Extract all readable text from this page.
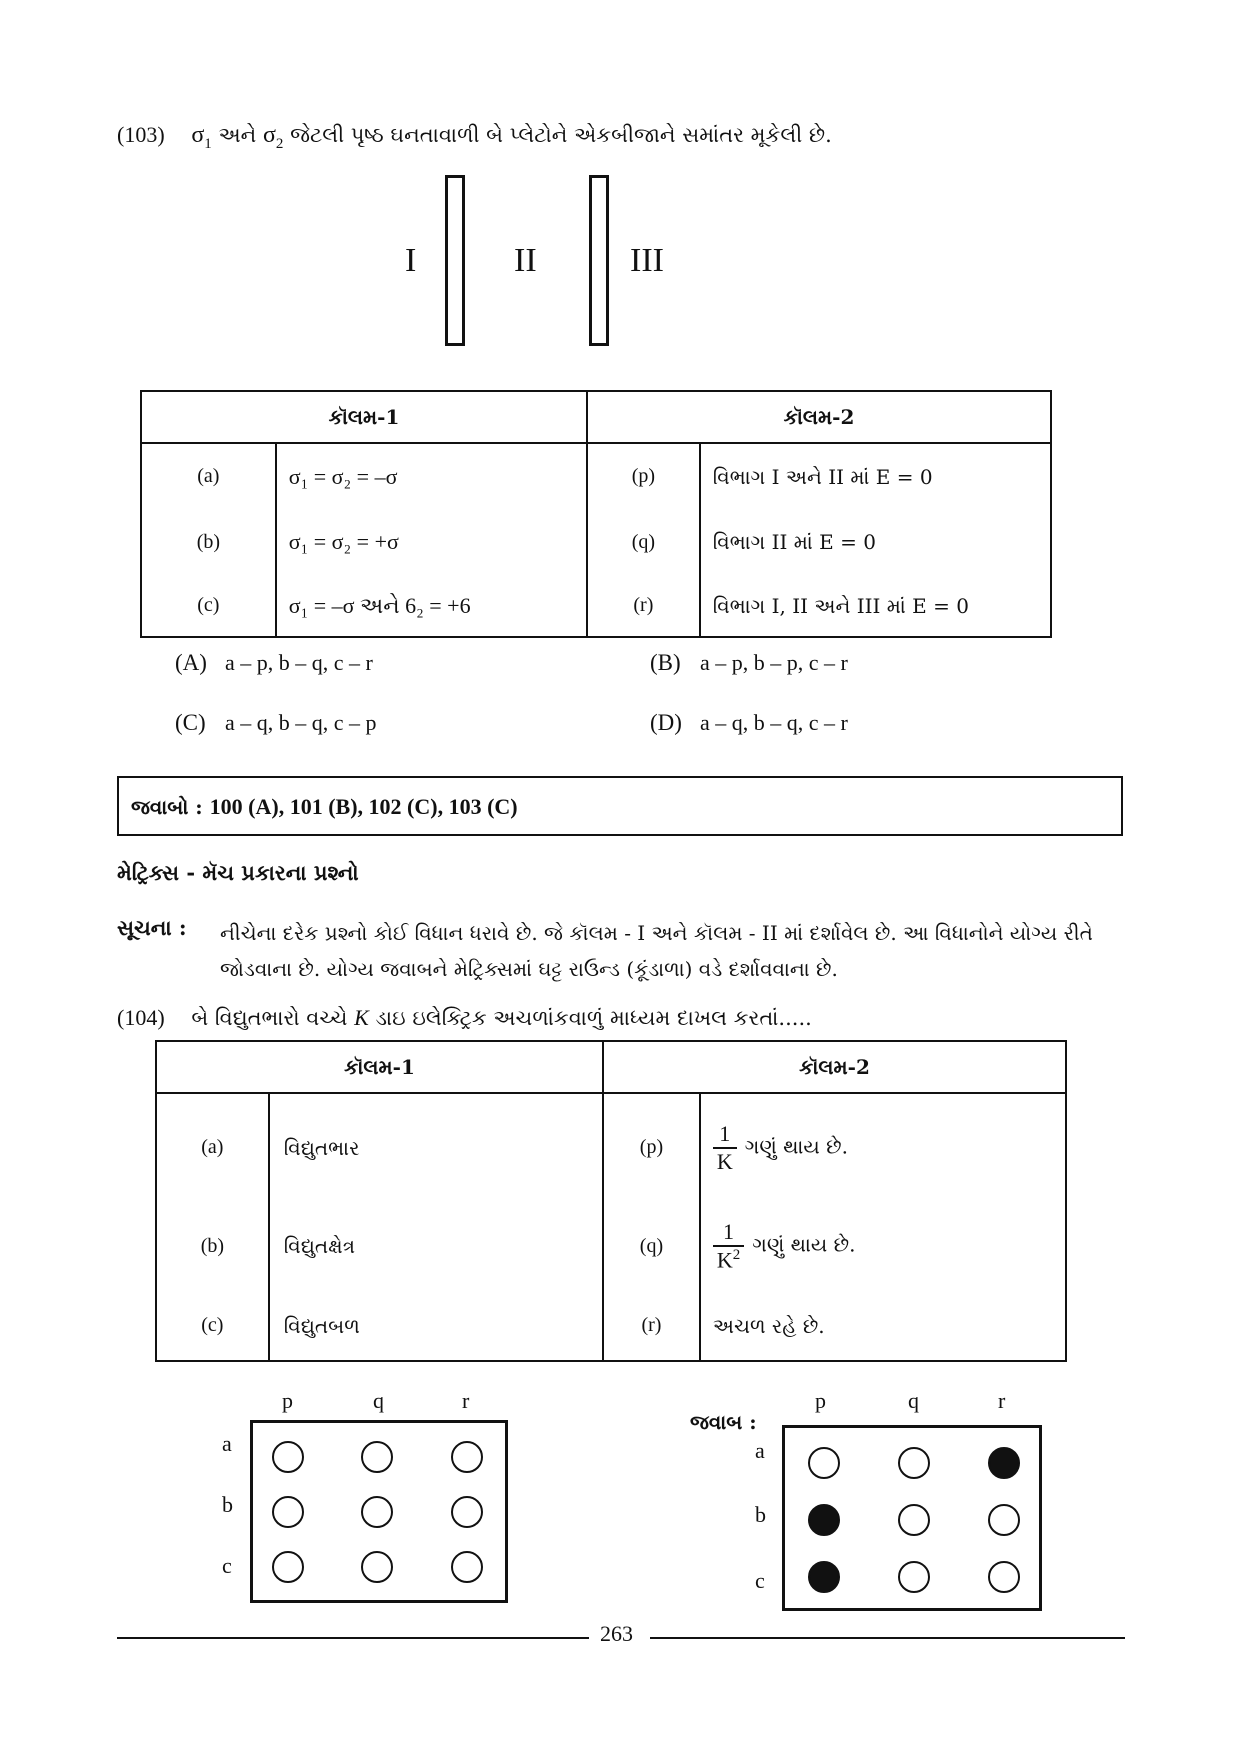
(103) $\sigma_1$ અને $\sigma_2$ જેટલી પૃષ્ઠ ઘનતાવાળી બે પ્લેટોને એકબીજાને સમાંતર મૂકેલી છે.
I	II	III
કૉલમ-1		કૉલમ-2	
(a)	σ₁ = σ₂ = –σ	(p)	વિભાગ I અને II માં E = 0
(b)	σ₁ = σ₂ = +σ	(q)	વિભાગ II માં E = 0
(c)	σ₁ = –σ અને 6₂ = +6	(r)	વિભાગ I, II અને III માં E = 0
(A) a – p, b – q, c – r	(B) a – p, b – p, c – r
(C) a – q, b – q, c – p	(D) a – q, b – q, c – r
જવાબો : 100 (A), 101 (B), 102 (C), 103 (C)
મેટ્રિક્સ - મૅચ પ્રકારના પ્રશ્નો
સૂચના : નીચેના દરેક પ્રશ્નો કોઈ વિધાન ધરાવે છે. જે કૉલમ - I અને કૉલમ - II માં દર્શાવેલ છે. આ વિધાનોને યોગ્ય રીતે જોડવાના છે. યોગ્ય જવાબને મેટ્રિક્સમાં ઘટ્ટ રાઉન્ડ (કૂંડાળા) વડે દર્શાવવાના છે.
(104) બે વિદ્યુતભારો વચ્ચે K ડાઇ ઇલેક્ટ્રિક અચળાંકવાળું માધ્યમ દાખલ કરતાં.....
કૉલમ-1		કૉલમ-2	
(a)	વિદ્યુતભાર	(p)	$\frac{1}{K}$ ગણું થાય છે.
(b)	વિદ્યુતક્ષેત્ર	(q)	$\frac{1}{K^2}$ ગણું થાય છે.
(c)	વિદ્યુતબળ	(r)	અચળ રહે છે.
p	q	r
a
b
c
જવાબ :
p	q	r
a
b
c
263
